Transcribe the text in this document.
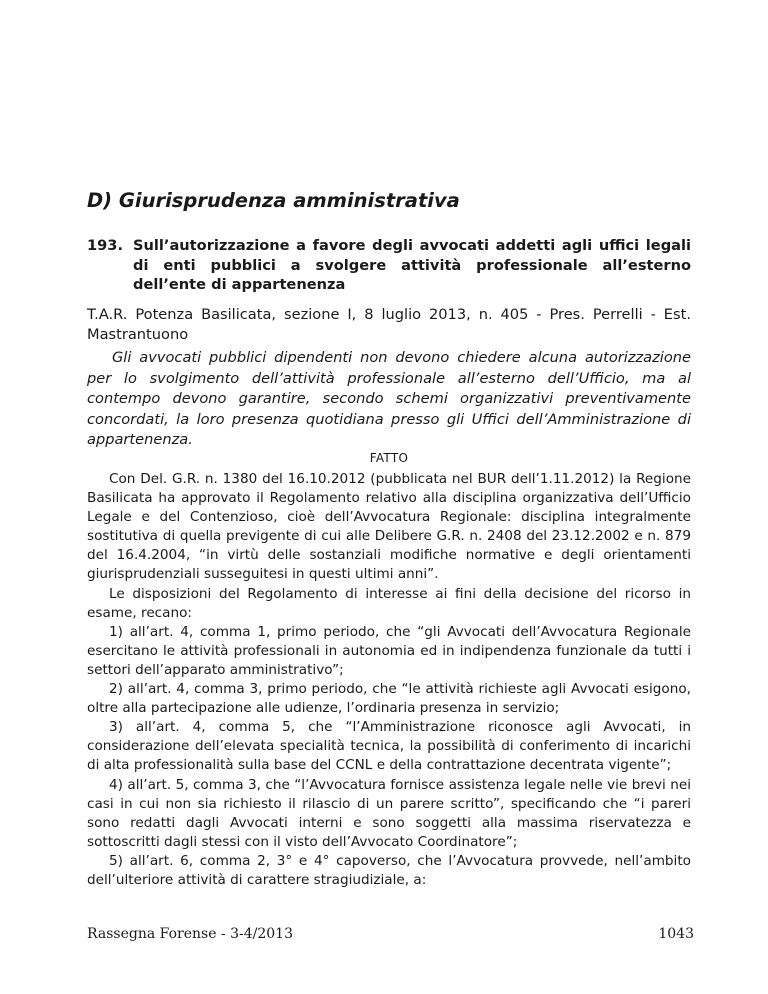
D) Giurisprudenza amministrativa
193. Sull’autorizzazione a favore degli avvocati addetti agli uffici legali di enti pubblici a svolgere attività professionale all’esterno dell’ente di appartenenza
T.A.R. Potenza Basilicata, sezione I, 8 luglio 2013, n. 405 - Pres. Perrelli - Est. Mastrantuono
Gli avvocati pubblici dipendenti non devono chiedere alcuna autorizzazione per lo svolgimento dell’attività professionale all’esterno dell’Ufficio, ma al contempo devono garantire, secondo schemi organizzativi preventivamente concordati, la loro presenza quotidiana presso gli Uffici dell’Amministrazione di appartenenza.
FATTO

Con Del. G.R. n. 1380 del 16.10.2012 (pubblicata nel BUR dell’1.11.2012) la Regione Basilicata ha approvato il Regolamento relativo alla disciplina organizzativa dell’Ufficio Legale e del Contenzioso, cioè dell’Avvocatura Regionale: disciplina integralmente sostitutiva di quella previgente di cui alle Delibere G.R. n. 2408 del 23.12.2002 e n. 879 del 16.4.2004, “in virtù delle sostanziali modifiche normative e degli orientamenti giurisprudenziali susseguitesi in questi ultimi anni”.

Le disposizioni del Regolamento di interesse ai fini della decisione del ricorso in esame, recano:

1) all’art. 4, comma 1, primo periodo, che “gli Avvocati dell’Avvocatura Regionale esercitano le attività professionali in autonomia ed in indipendenza funzionale da tutti i settori dell’apparato amministrativo”;

2) all’art. 4, comma 3, primo periodo, che “le attività richieste agli Avvocati esigono, oltre alla partecipazione alle udienze, l’ordinaria presenza in servizio;

3) all’art. 4, comma 5, che “l’Amministrazione riconosce agli Avvocati, in considerazione dell’elevata specialità tecnica, la possibilità di conferimento di incarichi di alta professionalità sulla base del CCNL e della contrattazione decentrata vigente”;

4) all’art. 5, comma 3, che “l’Avvocatura fornisce assistenza legale nelle vie brevi nei casi in cui non sia richiesto il rilascio di un parere scritto”, specificando che “i pareri sono redatti dagli Avvocati interni e sono soggetti alla massima riservatezza e sottoscritti dagli stessi con il visto dell’Avvocato Coordinatore”;

5) all’art. 6, comma 2, 3° e 4° capoverso, che l’Avvocatura provvede, nell’ambito dell’ulteriore attività di carattere stragiudiziale, a:

Rassegna Forense - 3-4/2013	1043
